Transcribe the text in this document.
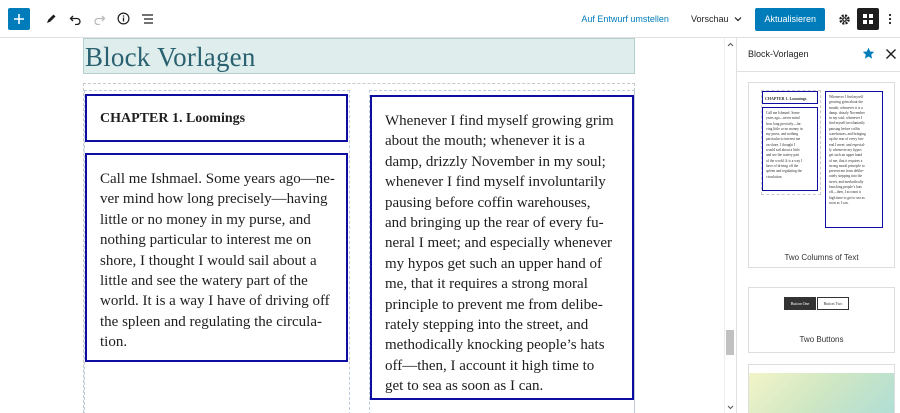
Auf Entwurf umstellen Vorschau	Aktualisieren
Block Vorlagen
CHAPTER 1. Loomings
Call me Ishmael. Some years ago—ne-
ver mind how long precisely—having
little or no money in my purse, and
nothing particular to interest me on
shore, I thought I would sail about a
little and see the watery part of the
world. It is a way I have of driving off
the spleen and regulating the circula-
tion.
Whenever I find myself growing grim
about the mouth; whenever it is a
damp, drizzly November in my soul;
whenever I find myself involuntarily
pausing before coffin warehouses,
and bringing up the rear of every fu-
neral I meet; and especially whenever
my hypos get such an upper hand of
me, that it requires a strong moral
principle to prevent me from delibe-
rately stepping into the street, and
methodically knocking people’s hats
off—then, I account it high time to
get to sea as soon as I can.
Block-Vorlagen
CHAPTER 1. Loomings
Call me Ishmael. Some
years ago—never mind
how long precisely—ha-
ving little or no money in
my purse, and nothing
particular to interest me
on shore, I thought I
would sail about a little
and see the watery part
of the world. It is a way I
have of driving off the
spleen and regulating the
circulation.
Whenever I find myself
growing grim about the
mouth; whenever it is a
damp, drizzly November
in my soul; whenever I
find myself involuntarily
pausing before coffin
warehouses, and bringing
up the rear of every fun-
eral I meet; and especial-
ly whenever my hypos
get such an upper hand
of me, that it requires a
strong moral principle to
prevent me from delibe-
rately stepping into the
street, and methodically
knocking people’s hats
off—then, I account it
high time to get to sea as
soon as I can.
Two Columns of Text
Button One	Button Two
Two Buttons
